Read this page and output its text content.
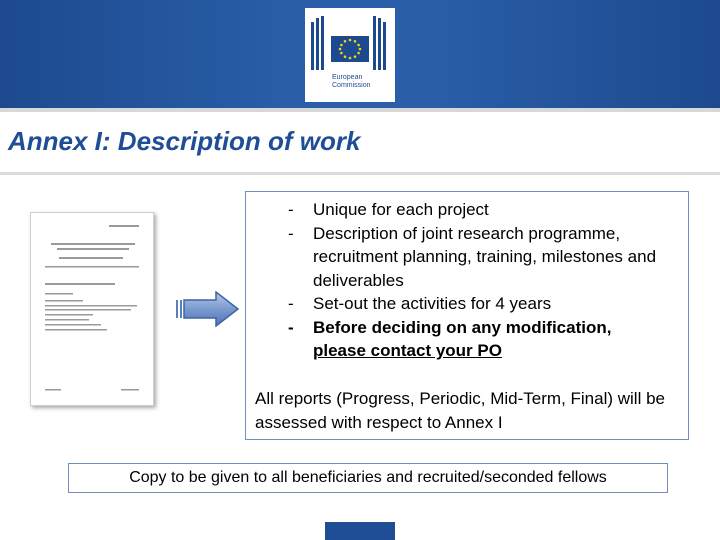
European
Commission
Annex I: Description of work
- Unique for each project
- Description of joint research programme, recruitment planning, training, milestones and deliverables
- Set-out the activities for 4 years
- Before deciding on any modification,
please contact your PO
All reports (Progress, Periodic, Mid-Term, Final) will be assessed with respect to Annex I
Copy to be given to all beneficiaries and recruited/seconded fellows
